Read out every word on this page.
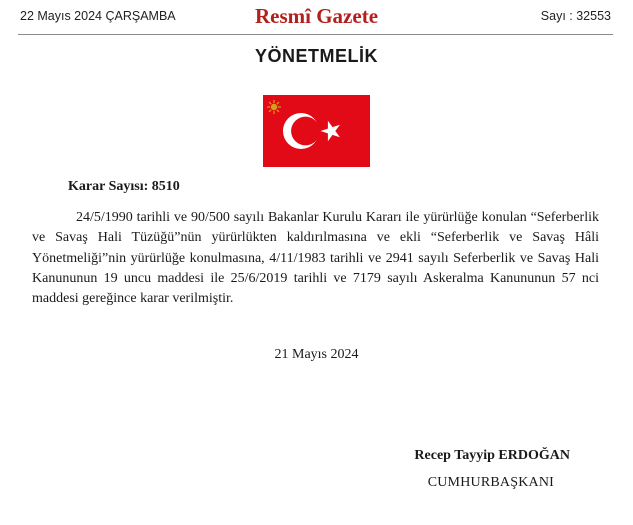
22 Mayıs 2024 ÇARŞAMBA	Resmî Gazete	Sayı : 32553
YÖNETMELİK
Karar Sayısı: 8510
24/5/1990 tarihli ve 90/500 sayılı Bakanlar Kurulu Kararı ile yürürlüğe konulan “Seferberlik ve Savaş Hali Tüzüğü”nün yürürlükten kaldırılmasına ve ekli “Seferberlik ve Savaş Hâli Yönetmeliği”nin yürürlüğe konulmasına, 4/11/1983 tarihli ve 2941 sayılı Seferberlik ve Savaş Hali Kanununun 19 uncu maddesi ile 25/6/2019 tarihli ve 7179 sayılı Askeralma Kanununun 57 nci maddesi gereğince karar verilmiştir.
21 Mayıs 2024
Recep Tayyip ERDOĞAN
CUMHURBAŞKANI
